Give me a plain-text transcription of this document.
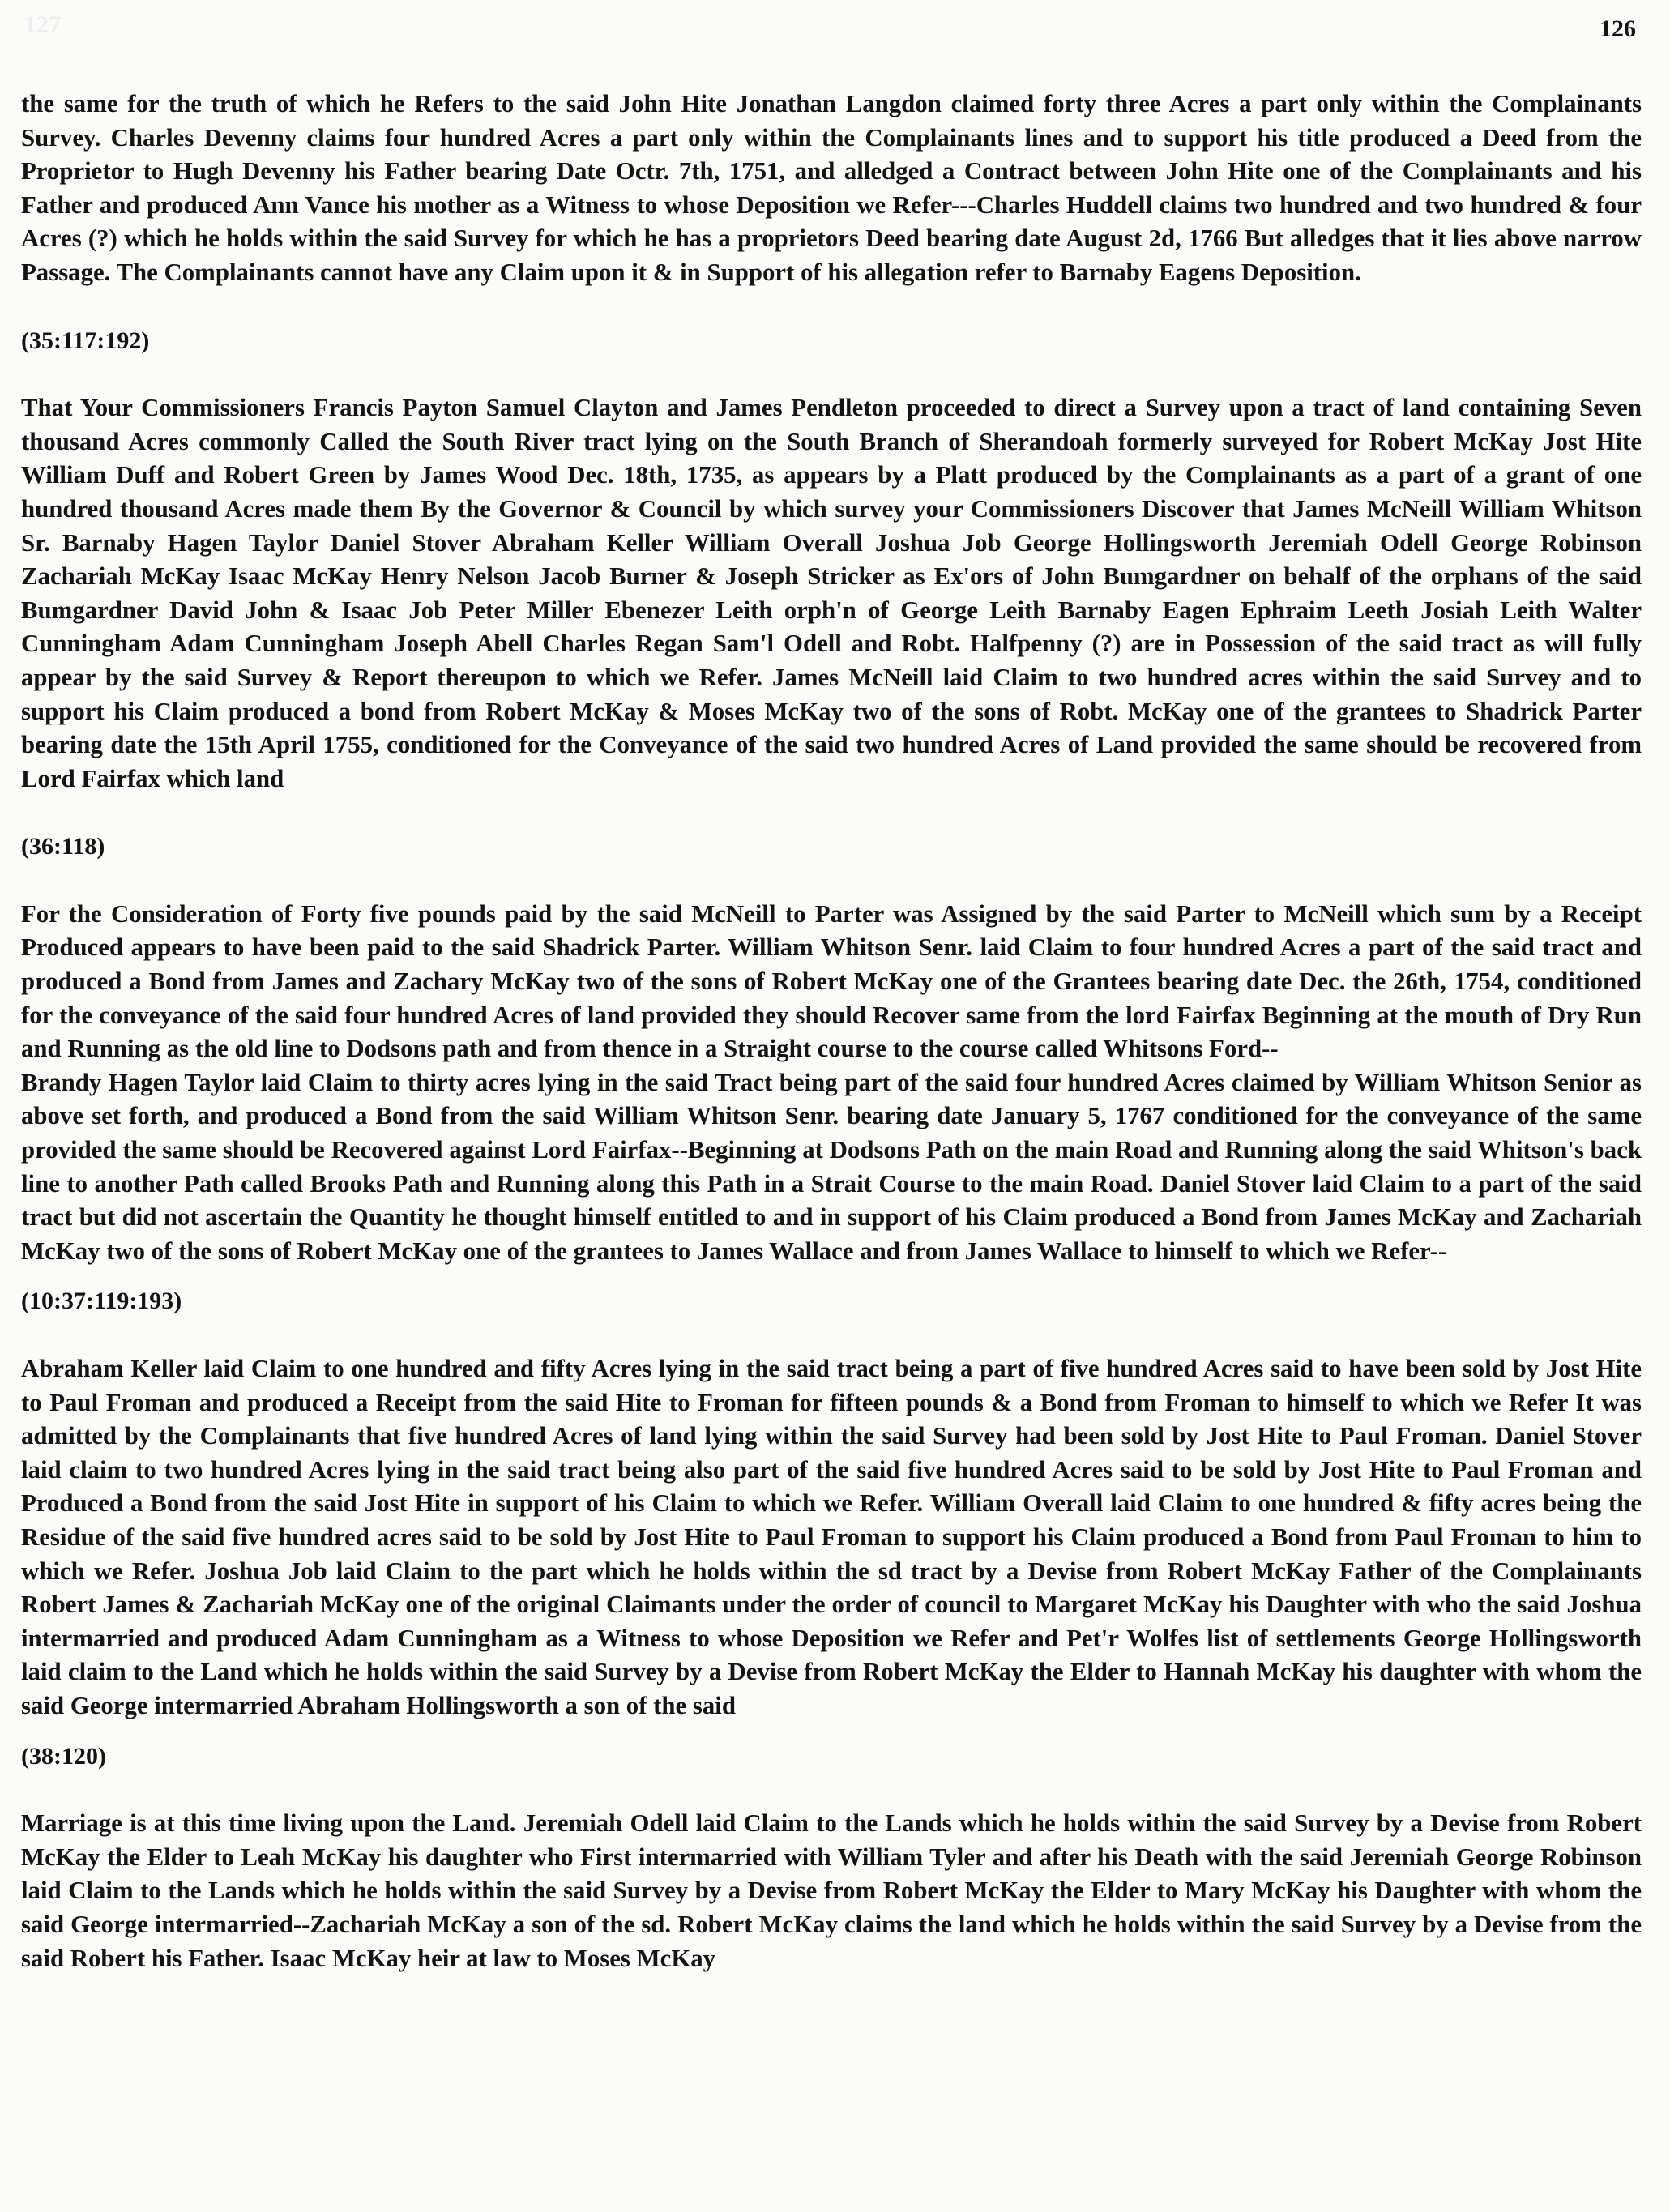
127	126

the same for the truth of which he Refers to the said John Hite Jonathan Langdon claimed forty three Acres a part only within the Complainants Survey. Charles Devenny claims four hundred Acres a part only within the Complainants lines and to support his title produced a Deed from the Proprietor to Hugh Devenny his Father bearing Date Octr. 7th, 1751, and alledged a Contract between John Hite one of the Complainants and his Father and produced Ann Vance his mother as a Witness to whose Deposition we Refer---Charles Huddell claims two hundred and two hundred & four Acres (?) which he holds within the said Survey for which he has a proprietors Deed bearing date August 2d, 1766 But alledges that it lies above narrow Passage. The Complainants cannot have any Claim upon it & in Support of his allegation refer to Barnaby Eagens Deposition.

(35:117:192)

That Your Commissioners Francis Payton Samuel Clayton and James Pendleton proceeded to direct a Survey upon a tract of land containing Seven thousand Acres commonly Called the South River tract lying on the South Branch of Sherandoah formerly surveyed for Robert McKay Jost Hite William Duff and Robert Green by James Wood Dec. 18th, 1735, as appears by a Platt produced by the Complainants as a part of a grant of one hundred thousand Acres made them By the Governor & Council by which survey your Commissioners Discover that James McNeill William Whitson Sr. Barnaby Hagen Taylor Daniel Stover Abraham Keller William Overall Joshua Job George Hollingsworth Jeremiah Odell George Robinson Zachariah McKay Isaac McKay Henry Nelson Jacob Burner & Joseph Stricker as Ex'ors of John Bumgardner on behalf of the orphans of the said Bumgardner David John & Isaac Job Peter Miller Ebenezer Leith orph'n of George Leith Barnaby Eagen Ephraim Leeth Josiah Leith Walter Cunningham Adam Cunningham Joseph Abell Charles Regan Sam'l Odell and Robt. Halfpenny (?) are in Possession of the said tract as will fully appear by the said Survey & Report thereupon to which we Refer. James McNeill laid Claim to two hundred acres within the said Survey and to support his Claim produced a bond from Robert McKay & Moses McKay two of the sons of Robt. McKay one of the grantees to Shadrick Parter bearing date the 15th April 1755, conditioned for the Conveyance of the said two hundred Acres of Land provided the same should be recovered from Lord Fairfax which land

(36:118)

For the Consideration of Forty five pounds paid by the said McNeill to Parter was Assigned by the said Parter to McNeill which sum by a Receipt Produced appears to have been paid to the said Shadrick Parter. William Whitson Senr. laid Claim to four hundred Acres a part of the said tract and produced a Bond from James and Zachary McKay two of the sons of Robert McKay one of the Grantees bearing date Dec. the 26th, 1754, conditioned for the conveyance of the said four hundred Acres of land provided they should Recover same from the lord Fairfax Beginning at the mouth of Dry Run and Running as the old line to Dodsons path and from thence in a Straight course to the course called Whitsons Ford--
Brandy Hagen Taylor laid Claim to thirty acres lying in the said Tract being part of the said four hundred Acres claimed by William Whitson Senior as above set forth, and produced a Bond from the said William Whitson Senr. bearing date January 5, 1767 conditioned for the conveyance of the same provided the same should be Recovered against Lord Fairfax--Beginning at Dodsons Path on the main Road and Running along the said Whitson's back line to another Path called Brooks Path and Running along this Path in a Strait Course to the main Road. Daniel Stover laid Claim to a part of the said tract but did not ascertain the Quantity he thought himself entitled to and in support of his Claim produced a Bond from James McKay and Zachariah McKay two of the sons of Robert McKay one of the grantees to James Wallace and from James Wallace to himself to which we Refer--

(10:37:119:193)

Abraham Keller laid Claim to one hundred and fifty Acres lying in the said tract being a part of five hundred Acres said to have been sold by Jost Hite to Paul Froman and produced a Receipt from the said Hite to Froman for fifteen pounds & a Bond from Froman to himself to which we Refer It was admitted by the Complainants that five hundred Acres of land lying within the said Survey had been sold by Jost Hite to Paul Froman. Daniel Stover laid claim to two hundred Acres lying in the said tract being also part of the said five hundred Acres said to be sold by Jost Hite to Paul Froman and Produced a Bond from the said Jost Hite in support of his Claim to which we Refer. William Overall laid Claim to one hundred & fifty acres being the Residue of the said five hundred acres said to be sold by Jost Hite to Paul Froman to support his Claim produced a Bond from Paul Froman to him to which we Refer. Joshua Job laid Claim to the part which he holds within the sd tract by a Devise from Robert McKay Father of the Complainants Robert James & Zachariah McKay one of the original Claimants under the order of council to Margaret McKay his Daughter with who the said Joshua intermarried and produced Adam Cunningham as a Witness to whose Deposition we Refer and Pet'r Wolfes list of settlements George Hollingsworth laid claim to the Land which he holds within the said Survey by a Devise from Robert McKay the Elder to Hannah McKay his daughter with whom the said George intermarried Abraham Hollingsworth a son of the said

(38:120)

Marriage is at this time living upon the Land. Jeremiah Odell laid Claim to the Lands which he holds within the said Survey by a Devise from Robert McKay the Elder to Leah McKay his daughter who First intermarried with William Tyler and after his Death with the said Jeremiah George Robinson laid Claim to the Lands which he holds within the said Survey by a Devise from Robert McKay the Elder to Mary McKay his Daughter with whom the said George intermarried--Zachariah McKay a son of the sd. Robert McKay claims the land which he holds within the said Survey by a Devise from the said Robert his Father. Isaac McKay heir at law to Moses McKay
